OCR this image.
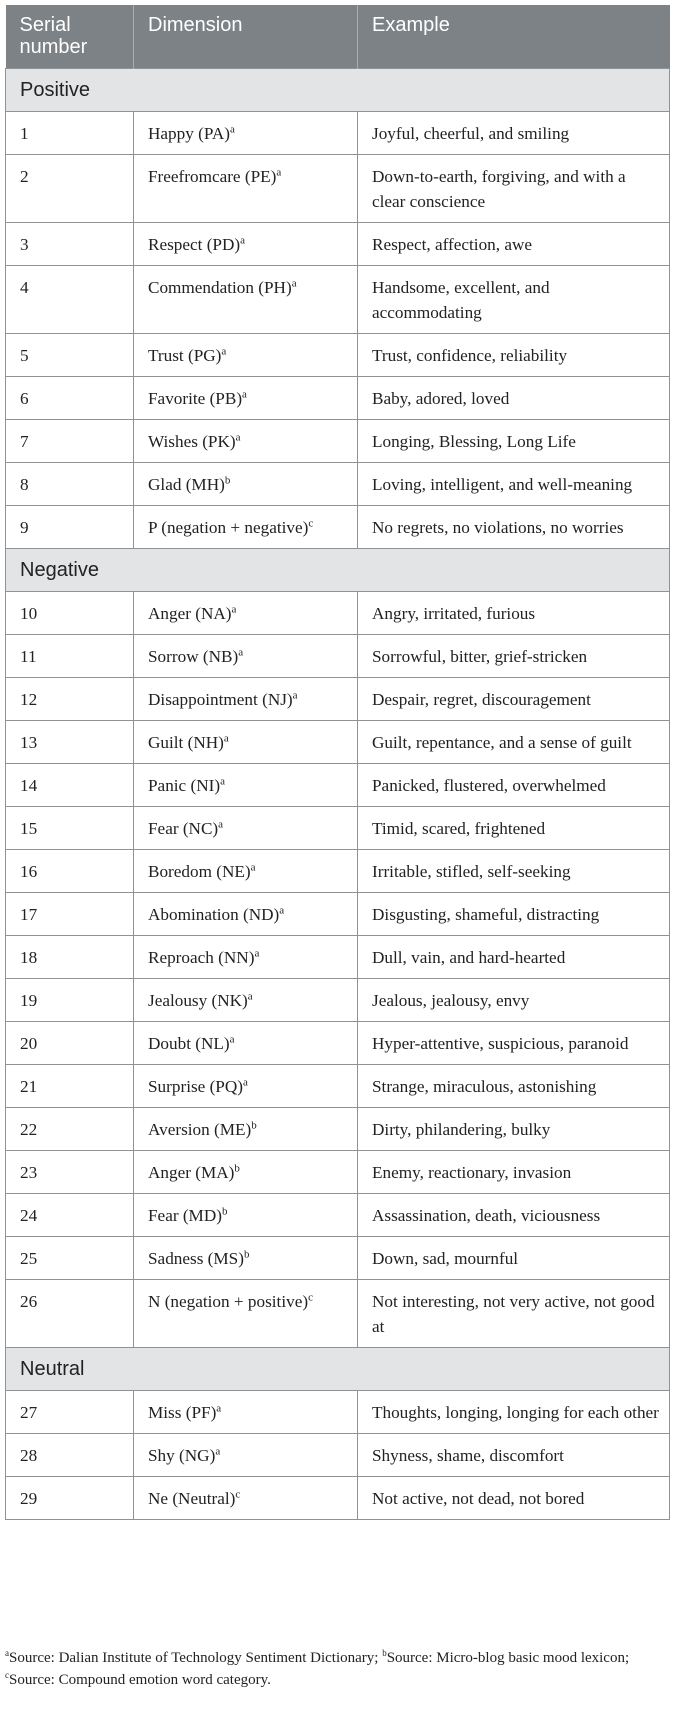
Serial number	Dimension	Example
Positive		
1	Happy (PA)$^a$	Joyful, cheerful, and smiling
2	Freefromcare (PE)$^a$	Down-to-earth, forgiving, and with a clear conscience
3	Respect (PD)$^a$	Respect, affection, awe
4	Commendation (PH)$^a$	Handsome, excellent, and accommodating
5	Trust (PG)$^a$	Trust, confidence, reliability
6	Favorite (PB)$^a$	Baby, adored, loved
7	Wishes (PK)$^a$	Longing, Blessing, Long Life
8	Glad (MH)$^b$	Loving, intelligent, and well-meaning
9	P (negation + negative)$^c$	No regrets, no violations, no worries
Negative		
10	Anger (NA)$^a$	Angry, irritated, furious
11	Sorrow (NB)$^a$	Sorrowful, bitter, grief-stricken
12	Disappointment (NJ)$^a$	Despair, regret, discouragement
13	Guilt (NH)$^a$	Guilt, repentance, and a sense of guilt
14	Panic (NI)$^a$	Panicked, flustered, overwhelmed
15	Fear (NC)$^a$	Timid, scared, frightened
16	Boredom (NE)$^a$	Irritable, stifled, self-seeking
17	Abomination (ND)$^a$	Disgusting, shameful, distracting
18	Reproach (NN)$^a$	Dull, vain, and hard-hearted
19	Jealousy (NK)$^a$	Jealous, jealousy, envy
20	Doubt (NL)$^a$	Hyper-attentive, suspicious, paranoid
21	Surprise (PQ)$^a$	Strange, miraculous, astonishing
22	Aversion (ME)$^b$	Dirty, philandering, bulky
23	Anger (MA)$^b$	Enemy, reactionary, invasion
24	Fear (MD)$^b$	Assassination, death, viciousness
25	Sadness (MS)$^b$	Down, sad, mournful
26	N (negation + positive)$^c$	Not interesting, not very active, not good at
Neutral		
27	Miss (PF)$^a$	Thoughts, longing, longing for each other
28	Shy (NG)$^a$	Shyness, shame, discomfort
29	Ne (Neutral)$^c$	Not active, not dead, not bored
$^a$Source: Dalian Institute of Technology Sentiment Dictionary; $^b$Source: Micro-blog basic mood lexicon; $^c$Source: Compound emotion word category.
